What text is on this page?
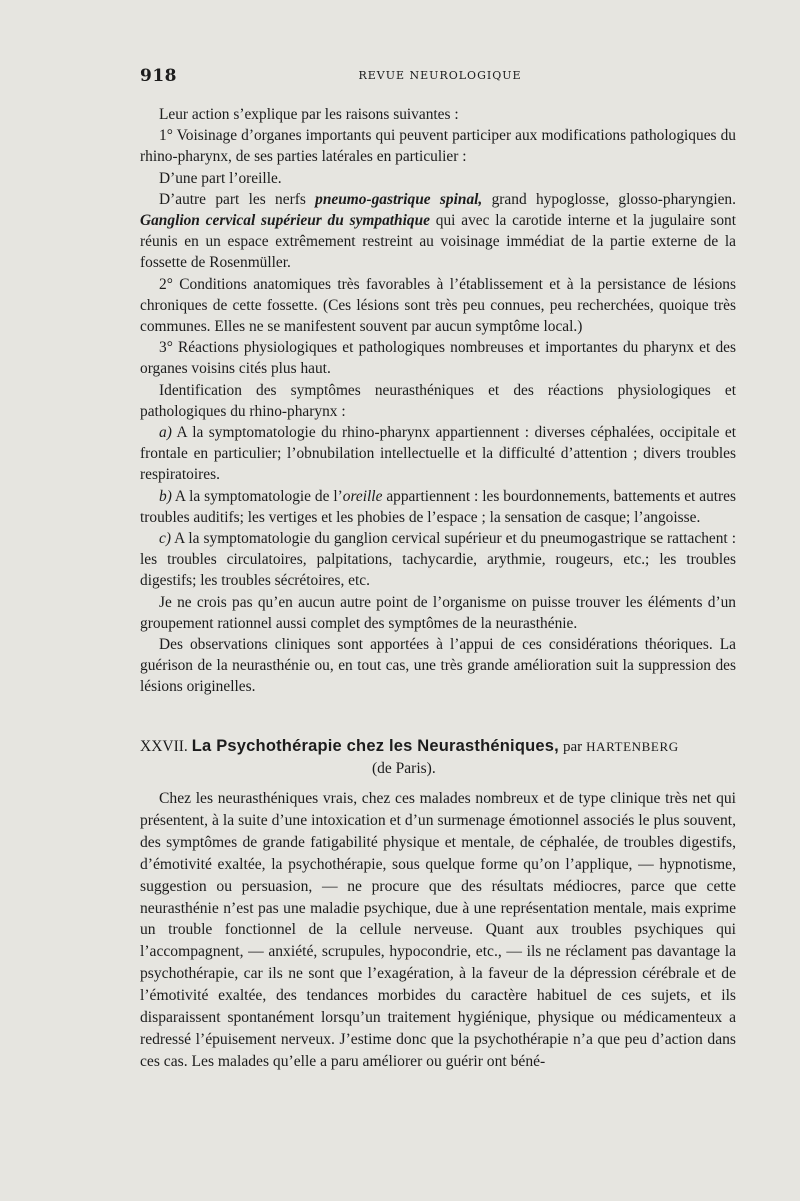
918	REVUE NEUROLOGIQUE

Leur action s’explique par les raisons suivantes :

1° Voisinage d’organes importants qui peuvent participer aux modifications pathologiques du rhino-pharynx, de ses parties latérales en particulier :

D’une part l’oreille.

D’autre part les nerfs pneumo-gastrique spinal, grand hypoglosse, glosso-pharyngien. Ganglion cervical supérieur du sympathique qui avec la carotide interne et la jugulaire sont réunis en un espace extrêmement restreint au voisinage immédiat de la partie externe de la fossette de Rosenmüller.

2° Conditions anatomiques très favorables à l’établissement et à la persistance de lésions chroniques de cette fossette. (Ces lésions sont très peu connues, peu recherchées, quoique très communes. Elles ne se manifestent souvent par aucun symptôme local.)

3° Réactions physiologiques et pathologiques nombreuses et importantes du pharynx et des organes voisins cités plus haut.

Identification des symptômes neurasthéniques et des réactions physiologiques et pathologiques du rhino-pharynx :

a) A la symptomatologie du rhino-pharynx appartiennent : diverses céphalées, occipitale et frontale en particulier; l’obnubilation intellectuelle et la difficulté d’attention ; divers troubles respiratoires.

b) A la symptomatologie de l’oreille appartiennent : les bourdonnements, battements et autres troubles auditifs; les vertiges et les phobies de l’espace ; la sensation de casque; l’angoisse.

c) A la symptomatologie du ganglion cervical supérieur et du pneumogastrique se rattachent : les troubles circulatoires, palpitations, tachycardie, arythmie, rougeurs, etc.; les troubles digestifs; les troubles sécrétoires, etc.

Je ne crois pas qu’en aucun autre point de l’organisme on puisse trouver les éléments d’un groupement rationnel aussi complet des symptômes de la neurasthénie.

Des observations cliniques sont apportées à l’appui de ces considérations théoriques. La guérison de la neurasthénie ou, en tout cas, une très grande amélioration suit la suppression des lésions originelles.

XXVII. La Psychothérapie chez les Neurasthéniques, par HARTENBERG
(de Paris).

Chez les neurasthéniques vrais, chez ces malades nombreux et de type clinique très net qui présentent, à la suite d’une intoxication et d’un surmenage émotionnel associés le plus souvent, des symptômes de grande fatigabilité physique et mentale, de céphalée, de troubles digestifs, d’émotivité exaltée, la psychothérapie, sous quelque forme qu’on l’applique, — hypnotisme, suggestion ou persuasion, — ne procure que des résultats médiocres, parce que cette neurasthénie n’est pas une maladie psychique, due à une représentation mentale, mais exprime un trouble fonctionnel de la cellule nerveuse. Quant aux troubles psychiques qui l’accompagnent, — anxiété, scrupules, hypocondrie, etc., — ils ne réclament pas davantage la psychothérapie, car ils ne sont que l’exagération, à la faveur de la dépression cérébrale et de l’émotivité exaltée, des tendances morbides du caractère habituel de ces sujets, et ils disparaissent spontanément lorsqu’un traitement hygiénique, physique ou médicamenteux a redressé l’épuisement nerveux. J’estime donc que la psychothérapie n’a que peu d’action dans ces cas. Les malades qu’elle a paru améliorer ou guérir ont béné-
